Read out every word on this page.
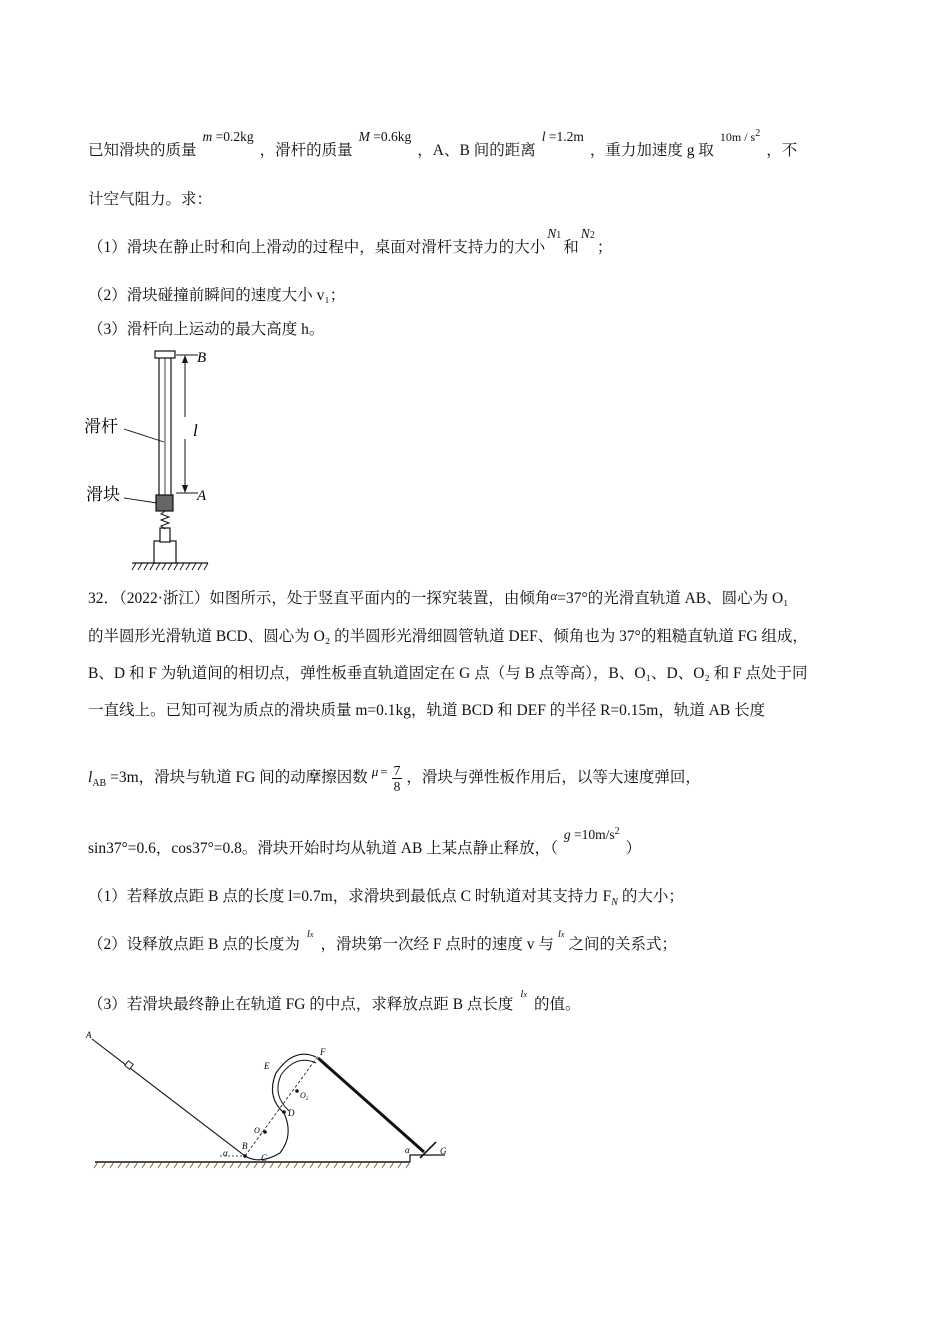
已知滑块的质量m =0.2kg，滑杆的质量M =0.6kg，A、B 间的距离l =1.2m，重力加速度 g 取$^{10m / s^2}$，不
计空气阻力。求：
（1）滑块在静止时和向上滑动的过程中，桌面对滑杆支持力的大小N1和N2；
（2）滑块碰撞前瞬间的速度大小 v₁；
（3）滑杆向上运动的最大高度 h。
B
A
l
滑杆
滑块
32．（2022·浙江）如图所示，处于竖直平面内的一探究装置，由倾角α=37°的光滑直轨道 AB、圆心为 O₁
的半圆形光滑轨道 BCD、圆心为 O₂ 的半圆形光滑细圆管轨道 DEF、倾角也为 37°的粗糙直轨道 FG 组成，
B、D 和 F 为轨道间的相切点，弹性板垂直轨道固定在 G 点（与 B 点等高），B、O₁、D、O₂ 和 F 点处于同
一直线上。已知可视为质点的滑块质量 m=0.1kg，轨道 BCD 和 DEF 的半径 R=0.15m，轨道 AB 长度
$l_{AB} =3m$，滑块与轨道 FG 间的动摩擦因数 $^\mu$ $^= \frac{7}{8}$ ，滑块与弹性板作用后，以等大速度弹回，
sin37°=0.6，cos37°=0.8。滑块开始时均从轨道 AB 上某点静止释放，$(g =10m/s^2)$
（1）若释放点距 B 点的长度 l=0.7m，求滑块到最低点 C 时轨道对其支持力 $F_N$ 的大小；
（2）设释放点距 B 点的长度为$^{lx}$，滑块第一次经 F 点时的速度 v 与$^{lx}$之间的关系式；
（3）若滑块最终静止在轨道 FG 的中点，求释放点距 B 点长度$^{lx}$的值。
A
B
C
D
E
F
G
$O_1$
$O_2$
α	α
